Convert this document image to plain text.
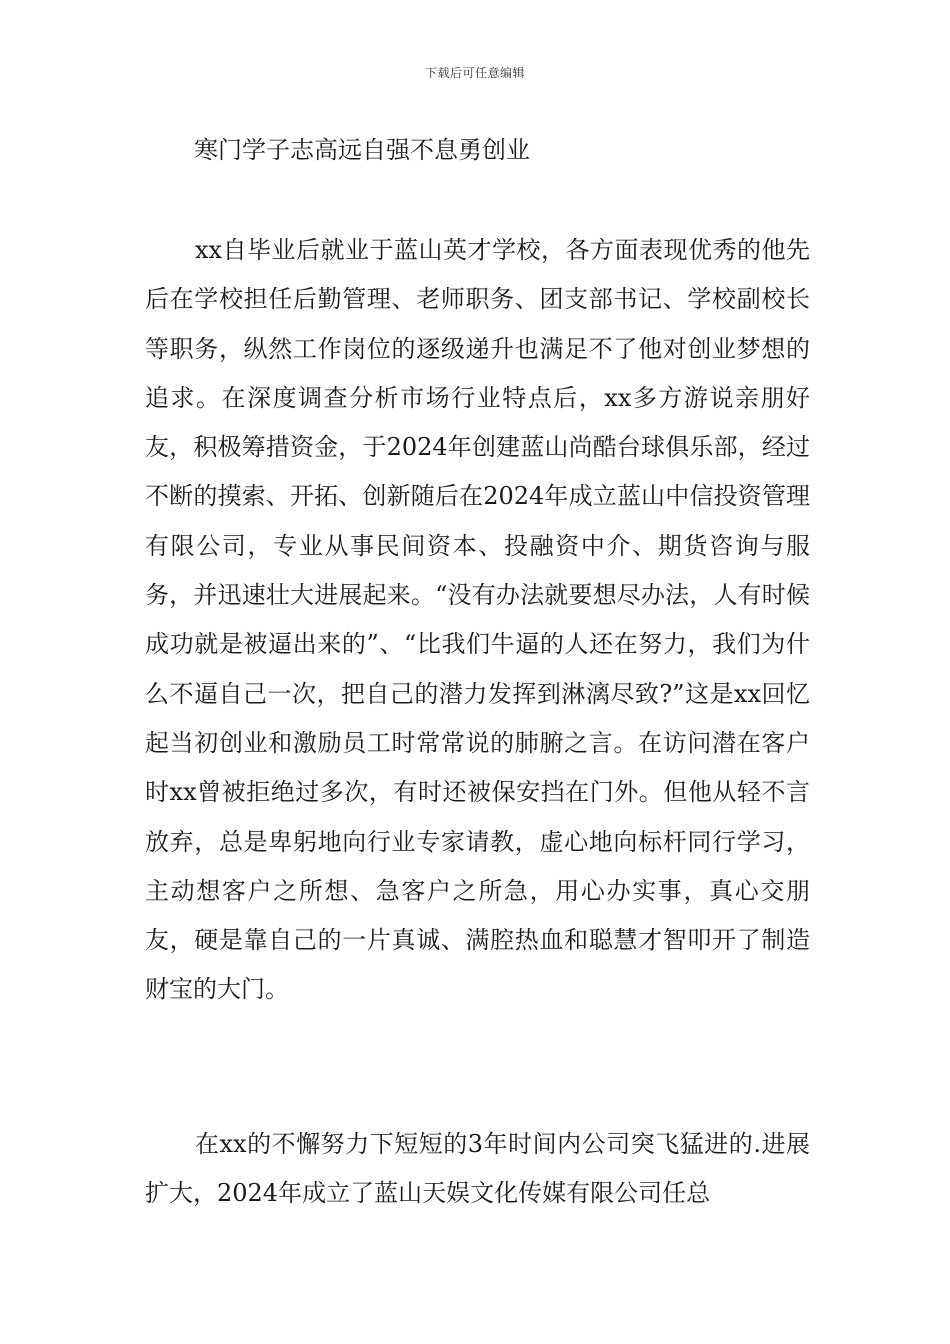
下载后可任意编辑
寒门学子志高远自强不息勇创业

xx自毕业后就业于蓝山英才学校，各方面表现优秀的他先后在学校担任后勤管理、老师职务、团支部书记、学校副校长等职务，纵然工作岗位的逐级递升也满足不了他对创业梦想的追求。在深度调查分析市场行业特点后，xx多方游说亲朋好友，积极筹措资金，于2024年创建蓝山尚酷台球俱乐部，经过不断的摸索、开拓、创新随后在2024年成立蓝山中信投资管理有限公司，专业从事民间资本、投融资中介、期货咨询与服务，并迅速壮大进展起来。“没有办法就要想尽办法，人有时候成功就是被逼出来的”、“比我们牛逼的人还在努力，我们为什么不逼自己一次，把自己的潜力发挥到淋漓尽致?”这是xx回忆起当初创业和激励员工时常常说的肺腑之言。在访问潜在客户时xx曾被拒绝过多次，有时还被保安挡在门外。但他从轻不言放弃，总是卑躬地向行业专家请教，虚心地向标杆同行学习，主动想客户之所想、急客户之所急，用心办实事，真心交朋友，硬是靠自己的一片真诚、满腔热血和聪慧才智叩开了制造财宝的大门。

在xx的不懈努力下短短的3年时间内公司突飞猛进的.进展扩大，2024年成立了蓝山天娱文化传媒有限公司任总
